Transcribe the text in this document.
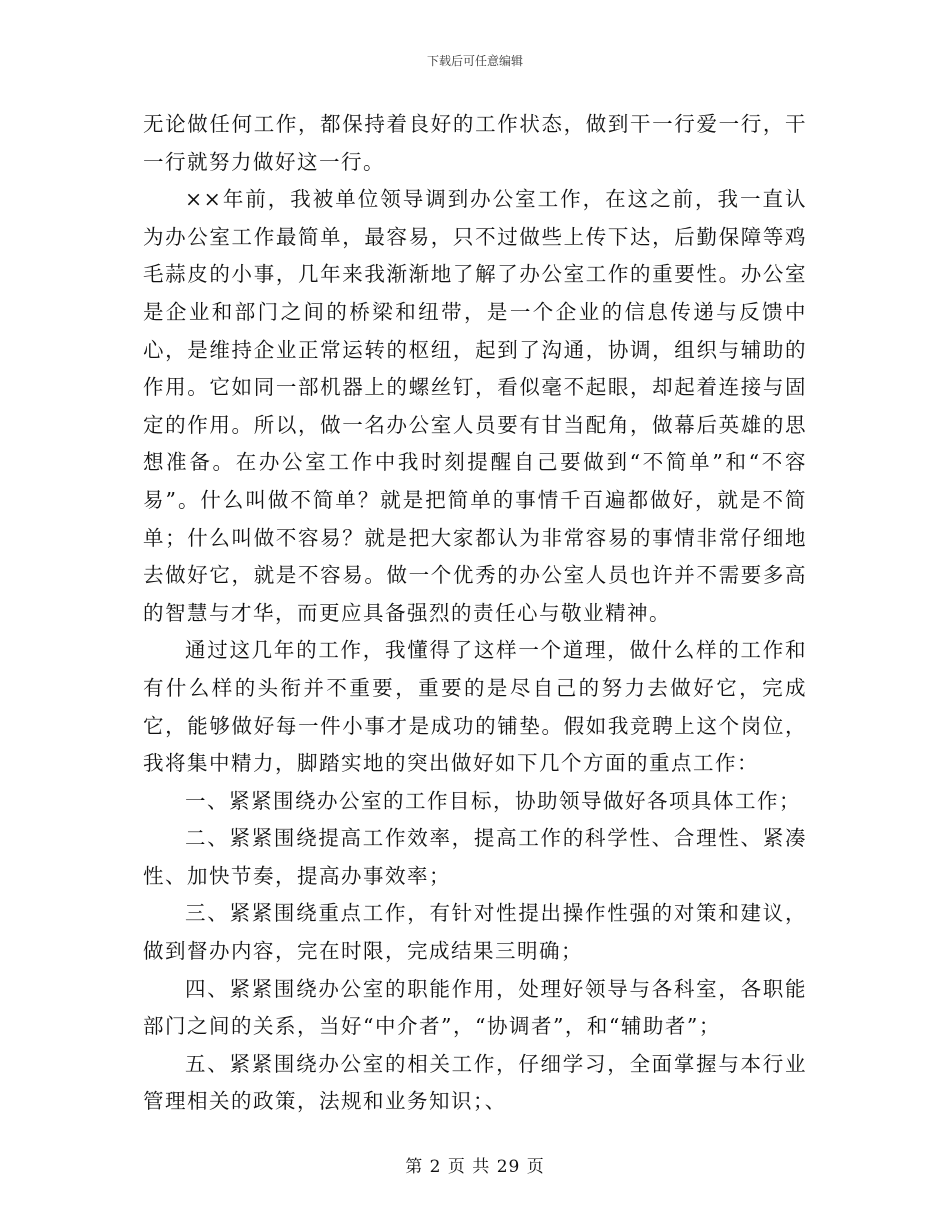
下载后可任意编辑

无论做任何工作，都保持着良好的工作状态，做到干一行爱一行，干一行就努力做好这一行。

××年前，我被单位领导调到办公室工作，在这之前，我一直认为办公室工作最简单，最容易，只不过做些上传下达，后勤保障等鸡毛蒜皮的小事，几年来我渐渐地了解了办公室工作的重要性。办公室是企业和部门之间的桥梁和纽带，是一个企业的信息传递与反馈中心，是维持企业正常运转的枢纽，起到了沟通，协调，组织与辅助的作用。它如同一部机器上的螺丝钉，看似毫不起眼，却起着连接与固定的作用。所以，做一名办公室人员要有甘当配角，做幕后英雄的思想准备。在办公室工作中我时刻提醒自己要做到“不简单”和“不容易”。什么叫做不简单？就是把简单的事情千百遍都做好，就是不简单；什么叫做不容易？就是把大家都认为非常容易的事情非常仔细地去做好它，就是不容易。做一个优秀的办公室人员也许并不需要多高的智慧与才华，而更应具备强烈的责任心与敬业精神。

通过这几年的工作，我懂得了这样一个道理，做什么样的工作和有什么样的头衔并不重要，重要的是尽自己的努力去做好它，完成它，能够做好每一件小事才是成功的铺垫。假如我竞聘上这个岗位，我将集中精力，脚踏实地的突出做好如下几个方面的重点工作：

一、紧紧围绕办公室的工作目标，协助领导做好各项具体工作；

二、紧紧围绕提高工作效率，提高工作的科学性、合理性、紧凑性、加快节奏，提高办事效率；

三、紧紧围绕重点工作，有针对性提出操作性强的对策和建议，做到督办内容，完在时限，完成结果三明确；

四、紧紧围绕办公室的职能作用，处理好领导与各科室，各职能部门之间的关系，当好“中介者”，“协调者”，和“辅助者”；

五、紧紧围绕办公室的相关工作，仔细学习，全面掌握与本行业管理相关的政策，法规和业务知识；、

第 2 页 共 29 页
